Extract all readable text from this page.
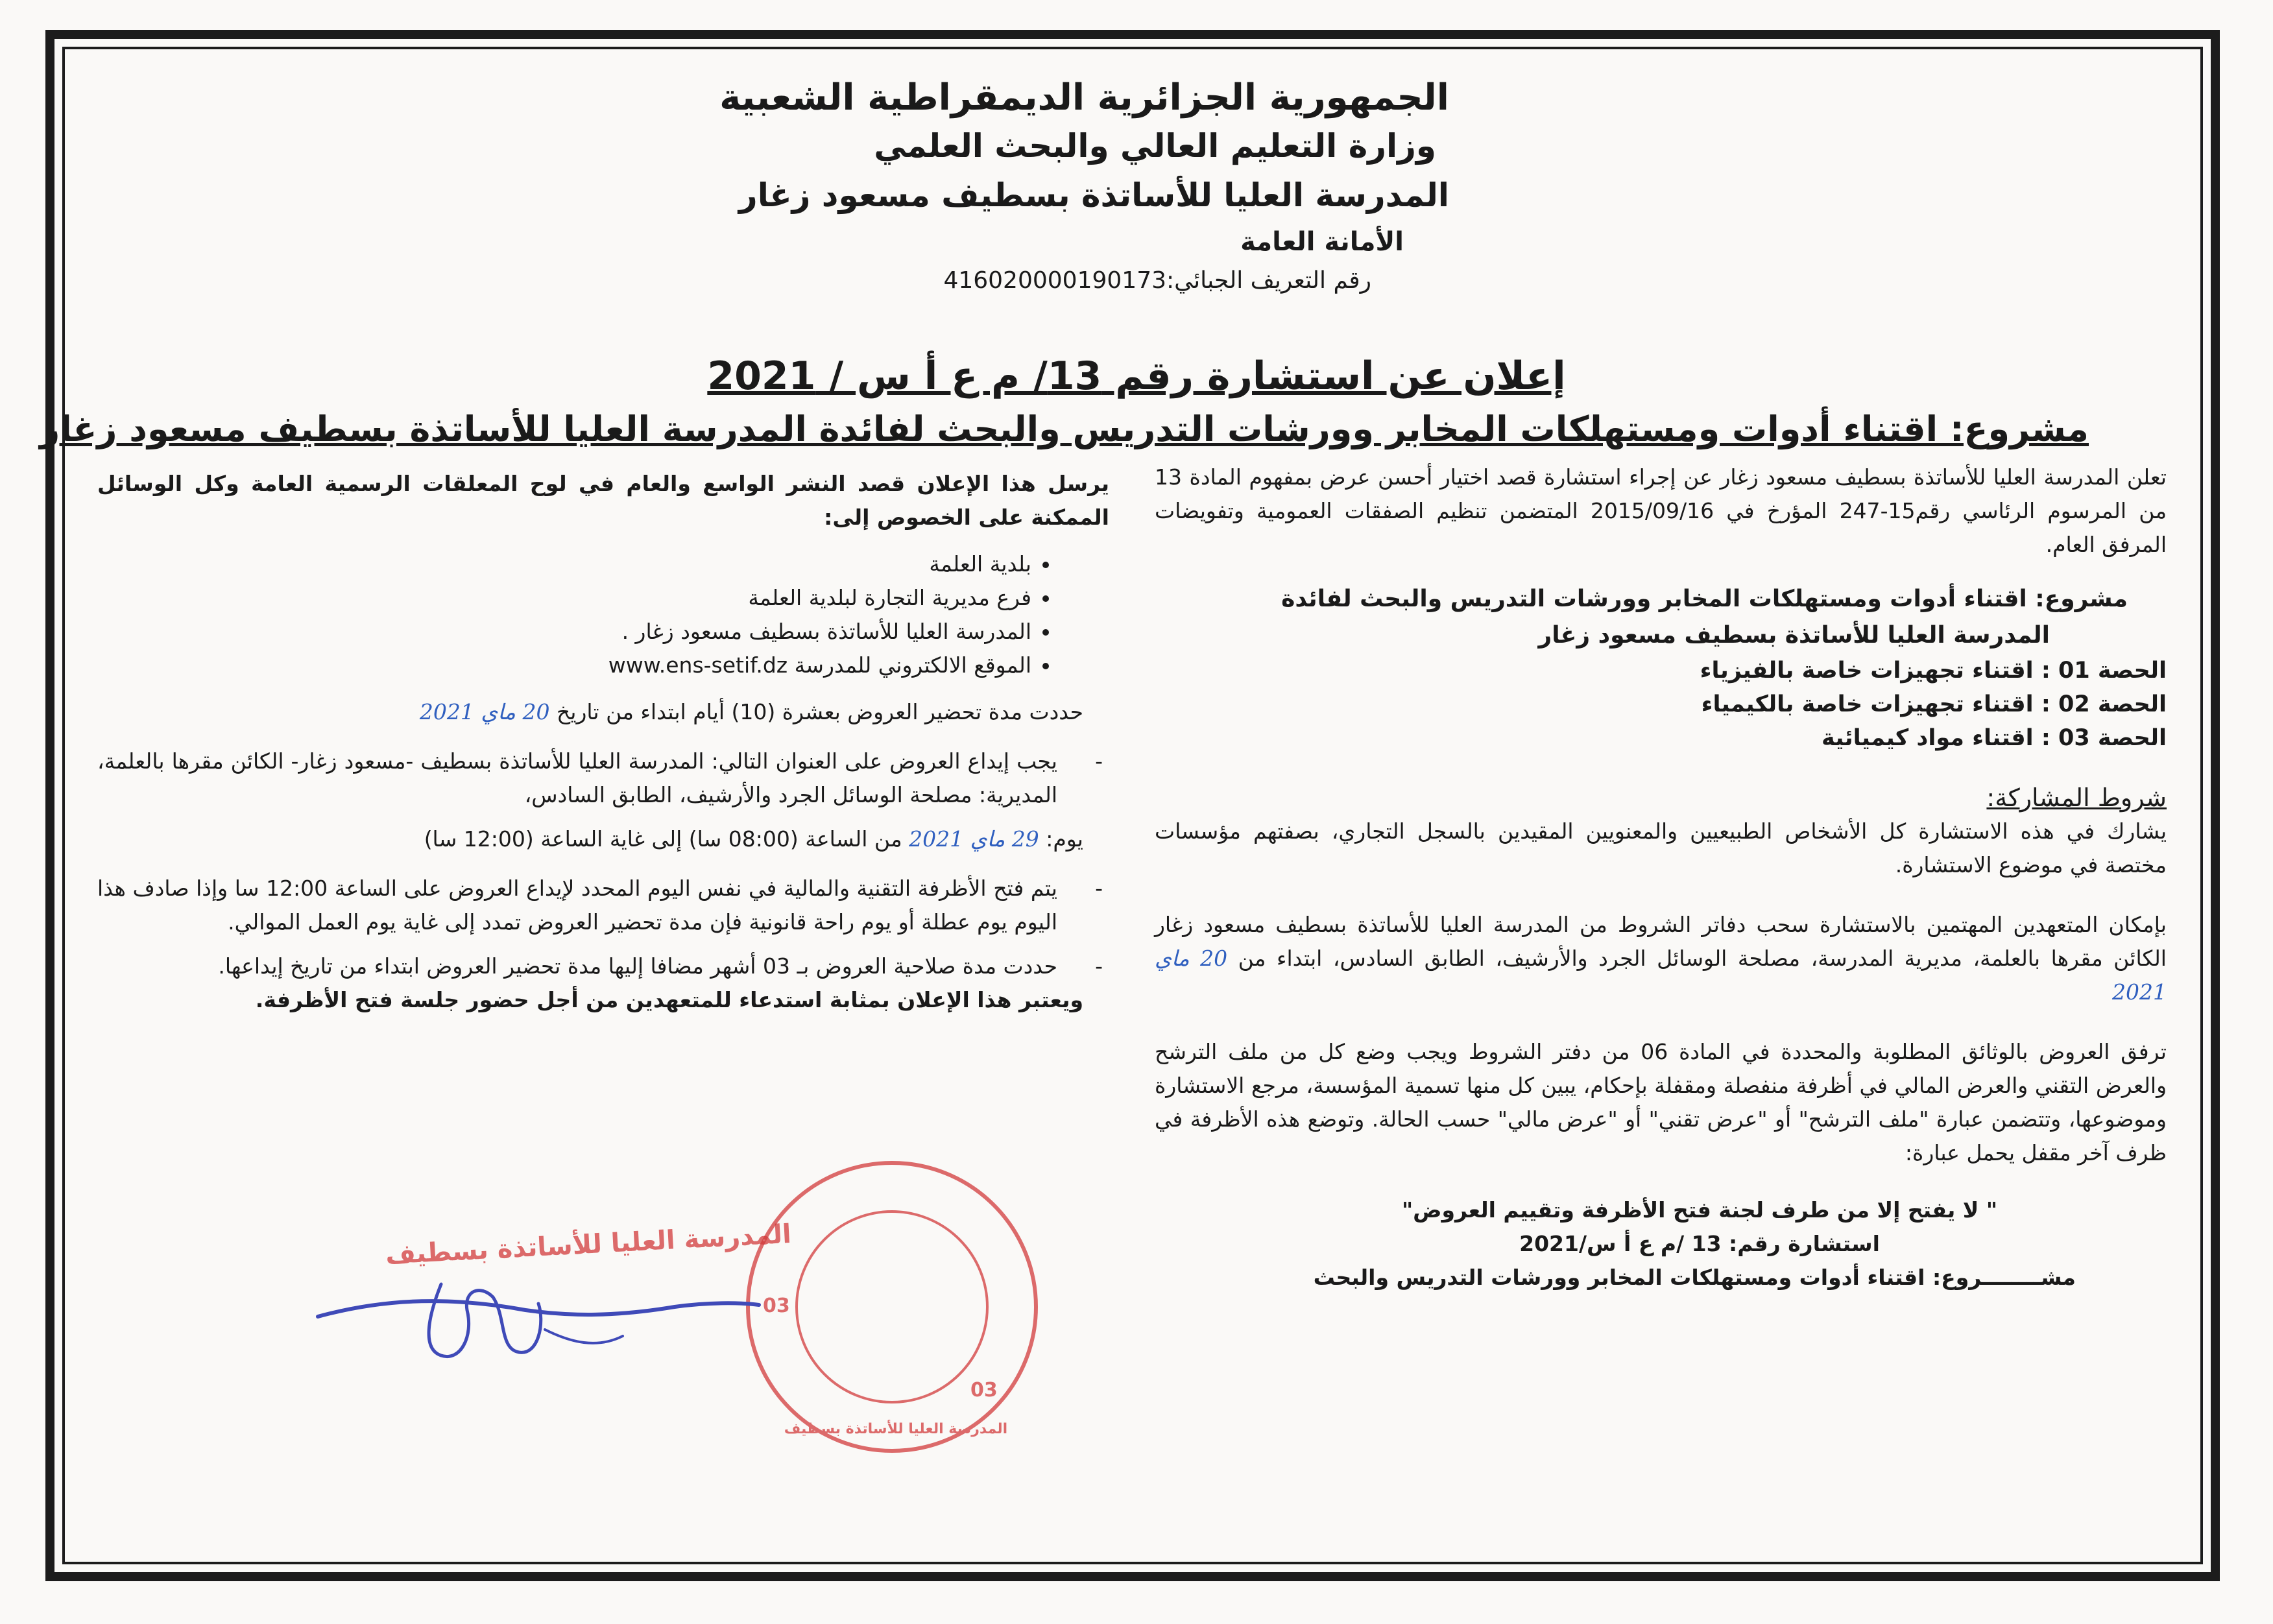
الجمهورية الجزائرية الديمقراطية الشعبية
وزارة التعليم العالي والبحث العلمي
المدرسة العليا للأساتذة بسطيف مسعود زغار
الأمانة العامة
رقم التعريف الجبائي:416020000190173
إعلان عن استشارة رقم 13/ م ع أ س / 2021
مشروع: اقتناء أدوات ومستهلكات المخابر وورشات التدريس والبحث لفائدة المدرسة العليا للأساتذة بسطيف مسعود زغار

تعلن المدرسة العليا للأساتذة بسطيف مسعود زغار عن إجراء استشارة قصد اختيار أحسن عرض بمفهوم المادة 13 من المرسوم الرئاسي رقم15-247 المؤرخ في 2015/09/16 المتضمن تنظيم الصفقات العمومية وتفويضات المرفق العام.

مشروع: اقتناء أدوات ومستهلكات المخابر وورشات التدريس والبحث لفائدة

المدرسة العليا للأساتذة بسطيف مسعود زغار

الحصة 01 : اقتناء تجهيزات خاصة بالفيزياء

الحصة 02 : اقتناء تجهيزات خاصة بالكيمياء

الحصة 03 : اقتناء مواد كيميائية

شروط المشاركة:

يشارك في هذه الاستشارة كل الأشخاص الطبيعيين والمعنويين المقيدين بالسجل التجاري، بصفتهم مؤسسات مختصة في موضوع الاستشارة.

بإمكان المتعهدين المهتمين بالاستشارة سحب دفاتر الشروط من المدرسة العليا للأساتذة بسطيف مسعود زغار الكائن مقرها بالعلمة، مديرية المدرسة، مصلحة الوسائل الجرد والأرشيف، الطابق السادس، ابتداء من 20 ماي 2021

ترفق العروض بالوثائق المطلوبة والمحددة في المادة 06 من دفتر الشروط ويجب وضع كل من ملف الترشح والعرض التقني والعرض المالي في أظرفة منفصلة ومقفلة بإحكام، يبين كل منها تسمية المؤسسة، مرجع الاستشارة وموضوعها، وتتضمن عبارة "ملف الترشح" أو "عرض تقني" أو "عرض مالي" حسب الحالة. وتوضع هذه الأظرفة في ظرف آخر مقفل يحمل عبارة:

" لا يفتح إلا من طرف لجنة فتح الأظرفة وتقييم العروض"

استشارة رقم: 13 /م ع أ س/2021

مشــــــــروع: اقتناء أدوات ومستهلكات المخابر وورشات التدريس والبحث

يرسل هذا الإعلان قصد النشر الواسع والعام في لوح المعلقات الرسمية العامة وكل الوسائل الممكنة على الخصوص إلى:

• بلدية العلمة
• فرع مديرية التجارة لبلدية العلمة
• المدرسة العليا للأساتذة بسطيف مسعود زغار .
• الموقع الالكتروني للمدرسة www.ens-setif.dz

حددت مدة تحضير العروض بعشرة (10) أيام ابتداء من تاريخ 20 ماي 2021

- يجب إيداع العروض على العنوان التالي: المدرسة العليا للأساتذة بسطيف -مسعود زغار- الكائن مقرها بالعلمة، المديرية: مصلحة الوسائل الجرد والأرشيف، الطابق السادس،

يوم: 29 ماي 2021 من الساعة (08:00 سا) إلى غاية الساعة (12:00 سا)

- يتم فتح الأظرفة التقنية والمالية في نفس اليوم المحدد لإيداع العروض على الساعة 12:00 سا وإذا صادف هذا اليوم يوم عطلة أو يوم راحة قانونية فإن مدة تحضير العروض تمدد إلى غاية يوم العمل الموالي.

- حددت مدة صلاحية العروض بـ 03 أشهر مضافا إليها مدة تحضير العروض ابتداء من تاريخ إيداعها.

ويعتبر هذا الإعلان بمثابة استدعاء للمتعهدين من أجل حضور جلسة فتح الأظرفة.

المدرسة العليا للأساتذة بسطيف
03
03
المدرسة العليا للأساتذة بسطيف
